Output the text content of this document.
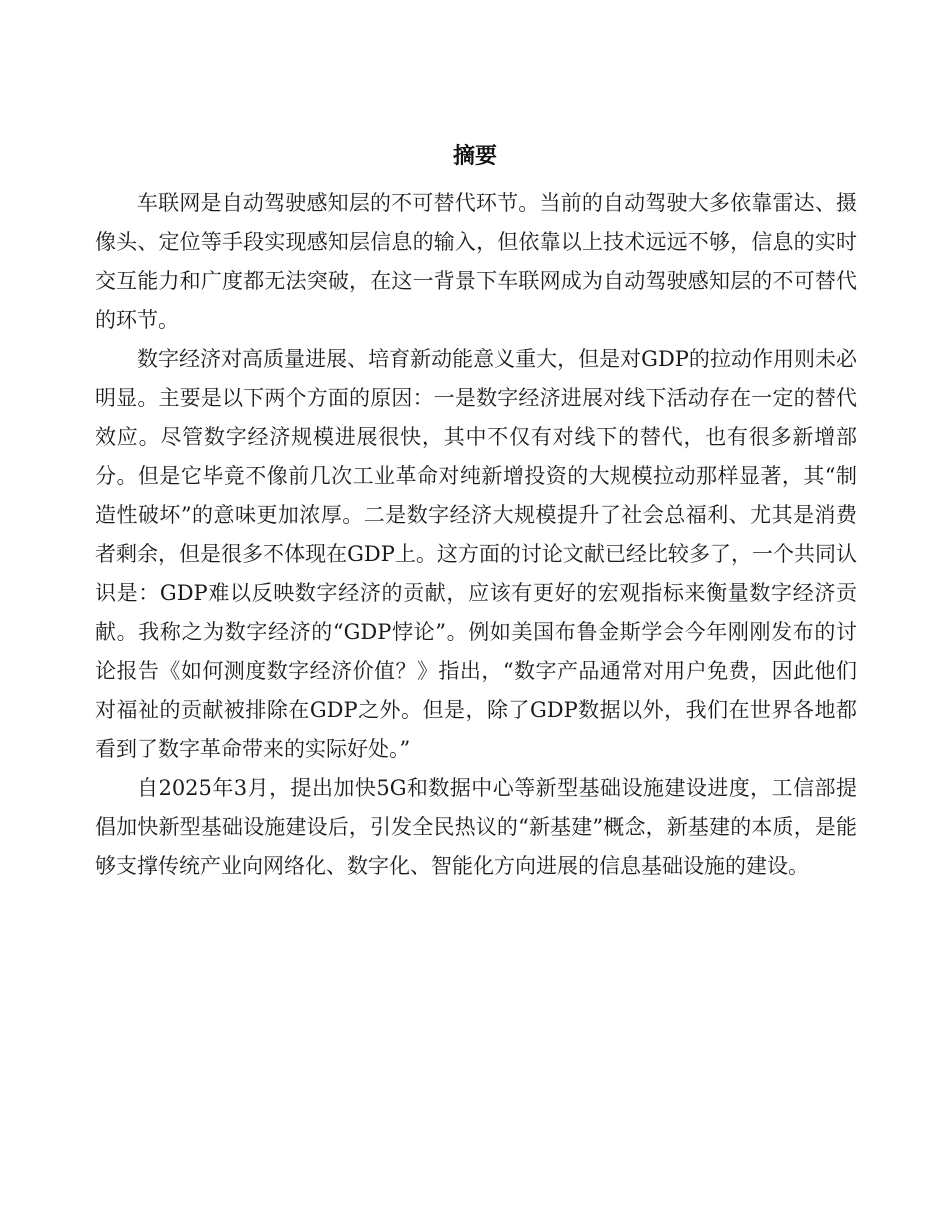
摘要

车联网是自动驾驶感知层的不可替代环节。当前的自动驾驶大多依靠雷达、摄像头、定位等手段实现感知层信息的输入，但依靠以上技术远远不够，信息的实时交互能力和广度都无法突破，在这一背景下车联网成为自动驾驶感知层的不可替代的环节。

数字经济对高质量进展、培育新动能意义重大，但是对GDP的拉动作用则未必明显。主要是以下两个方面的原因：一是数字经济进展对线下活动存在一定的替代效应。尽管数字经济规模进展很快，其中不仅有对线下的替代，也有很多新增部分。但是它毕竟不像前几次工业革命对纯新增投资的大规模拉动那样显著，其“制造性破坏”的意味更加浓厚。二是数字经济大规模提升了社会总福利、尤其是消费者剩余，但是很多不体现在GDP上。这方面的讨论文献已经比较多了，一个共同认识是：GDP难以反映数字经济的贡献，应该有更好的宏观指标来衡量数字经济贡献。我称之为数字经济的“GDP悖论”。例如美国布鲁金斯学会今年刚刚发布的讨论报告《如何测度数字经济价值？》指出，“数字产品通常对用户免费，因此他们对福祉的贡献被排除在GDP之外。但是，除了GDP数据以外，我们在世界各地都看到了数字革命带来的实际好处。”

自2025年3月，提出加快5G和数据中心等新型基础设施建设进度，工信部提倡加快新型基础设施建设后，引发全民热议的“新基建”概念，新基建的本质，是能够支撑传统产业向网络化、数字化、智能化方向进展的信息基础设施的建设。
